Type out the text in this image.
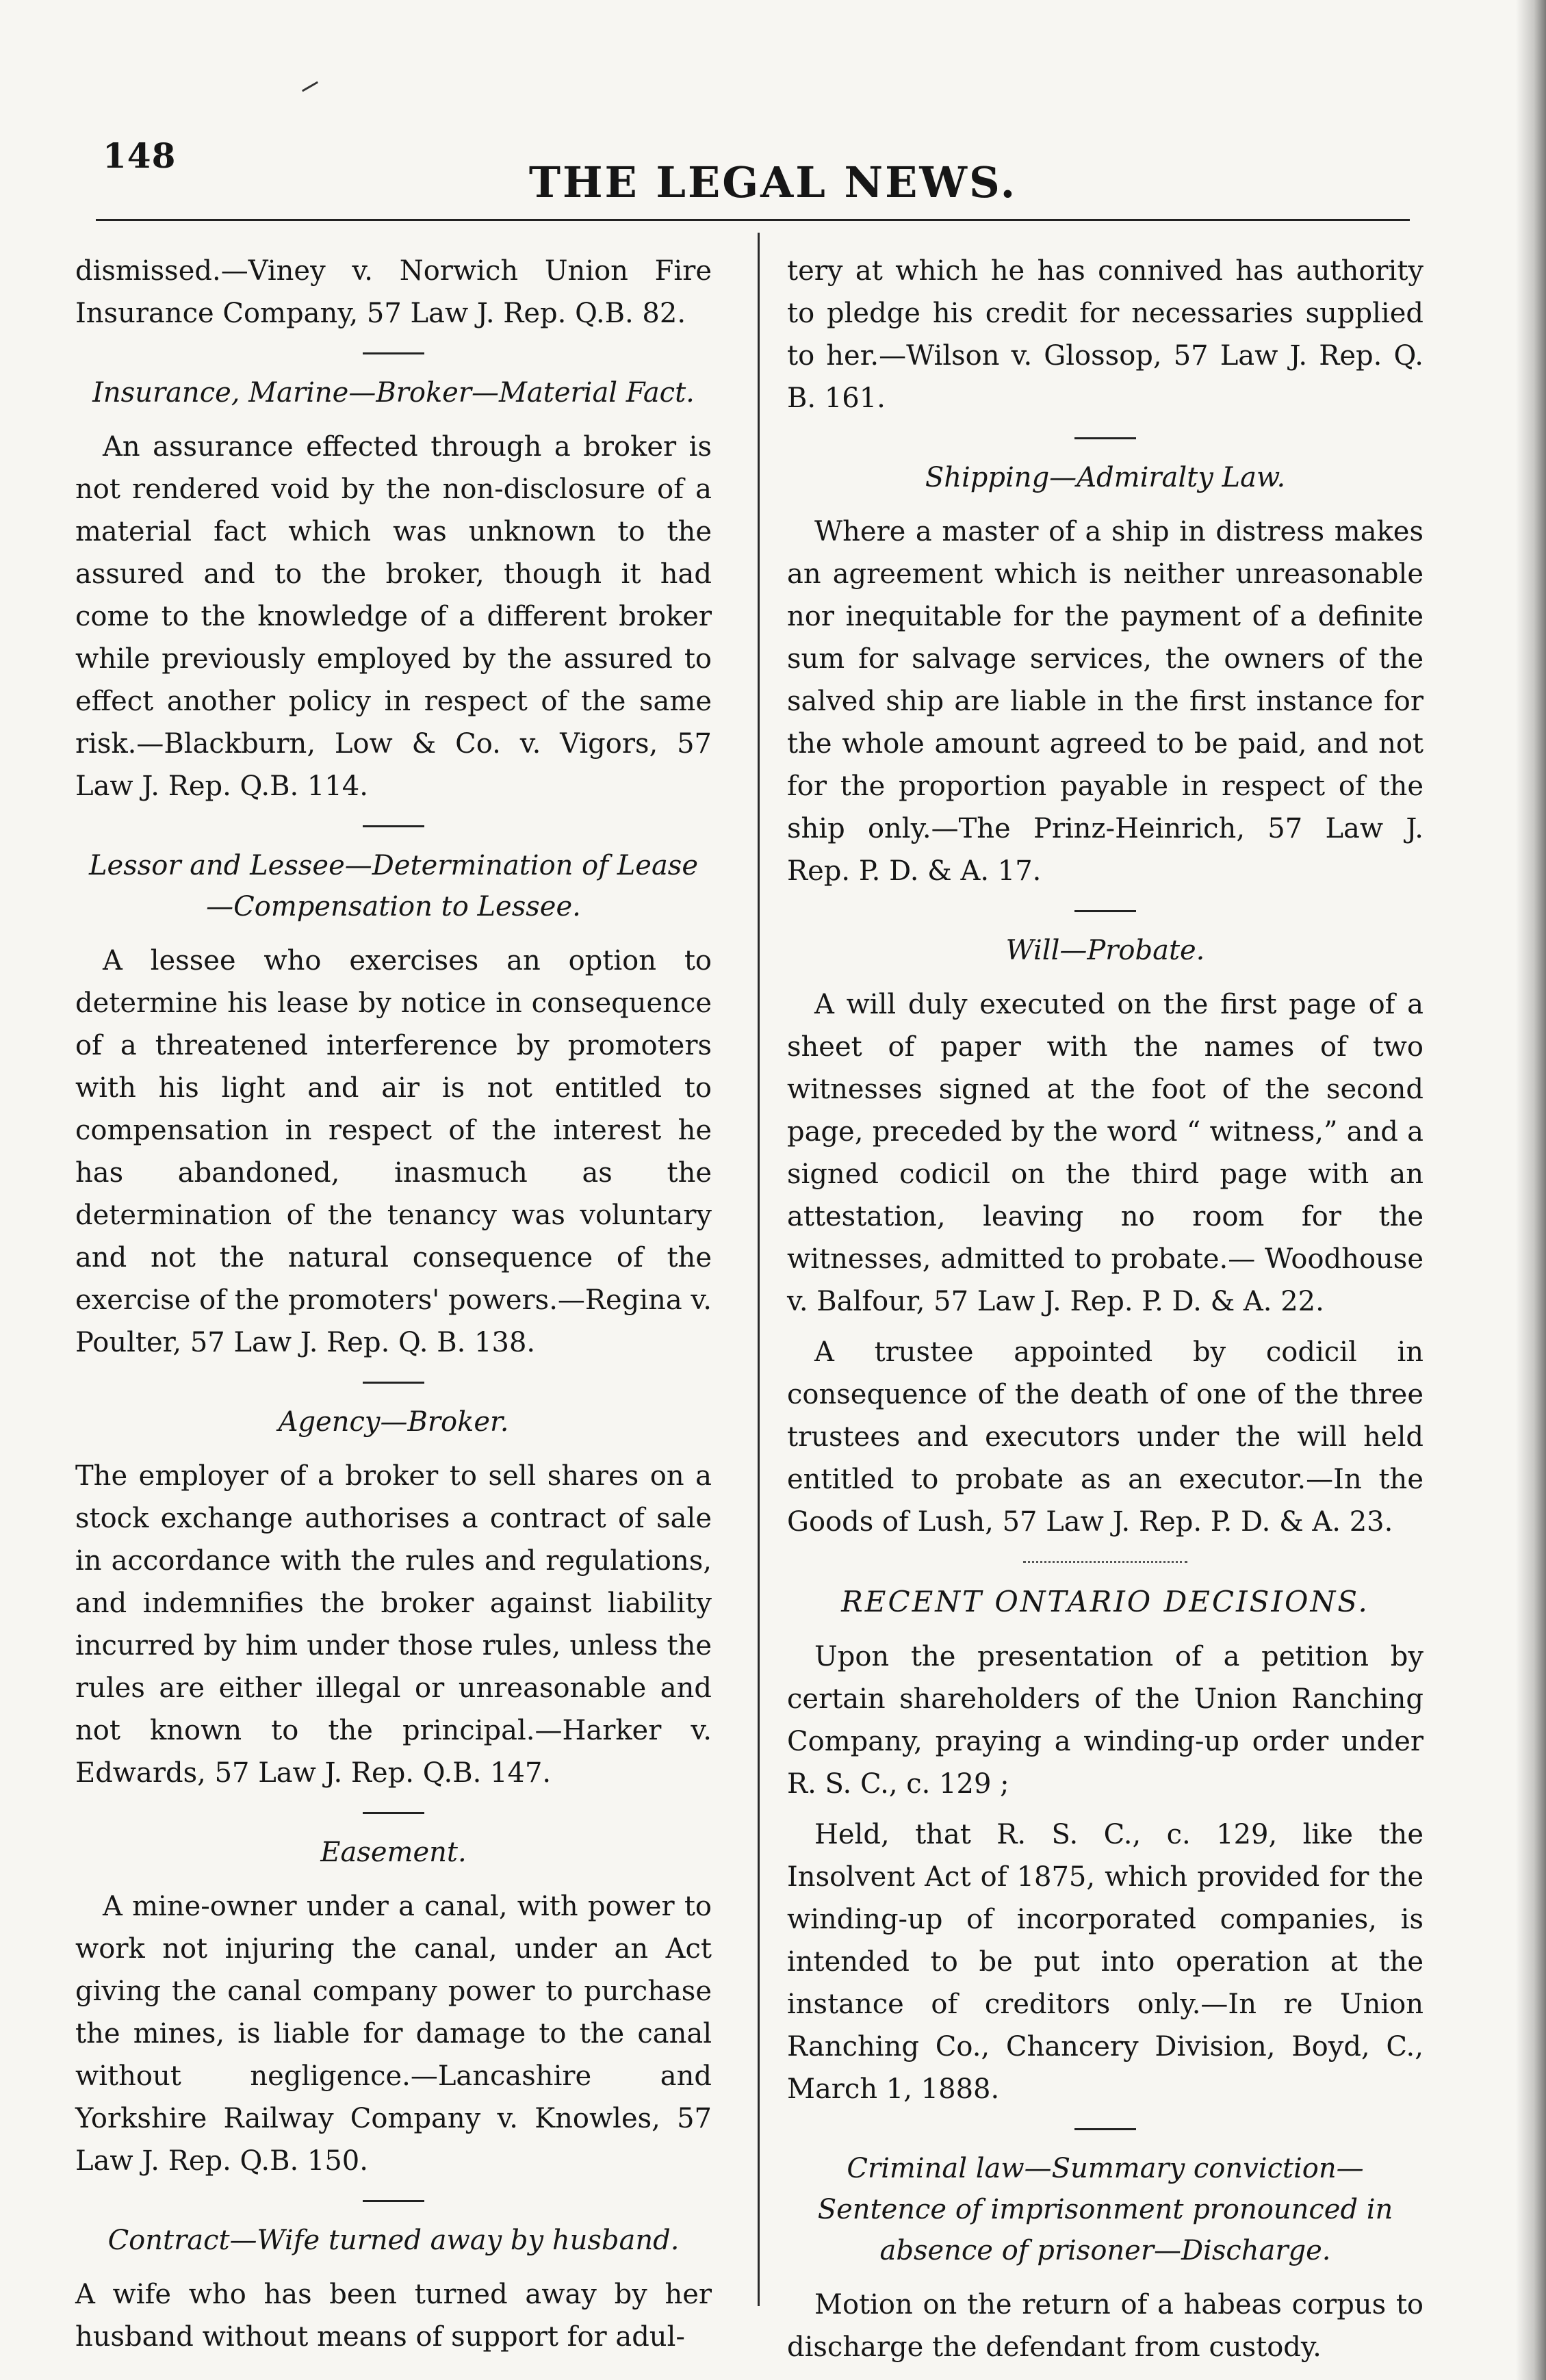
148
THE LEGAL NEWS.

dismissed.—Viney v. Norwich Union Fire Insurance Company, 57 Law J. Rep. Q.B. 82.

Insurance, Marine—Broker—Material Fact.

An assurance effected through a broker is not rendered void by the non-disclosure of a material fact which was unknown to the assured and to the broker, though it had come to the knowledge of a different broker while previously employed by the assured to effect another policy in respect of the same risk.—Blackburn, Low & Co. v. Vigors, 57 Law J. Rep. Q.B. 114.

Lessor and Lessee—Determination of Lease—Compensation to Lessee.

A lessee who exercises an option to determine his lease by notice in consequence of a threatened interference by promoters with his light and air is not entitled to compensation in respect of the interest he has abandoned, inasmuch as the determination of the tenancy was voluntary and not the natural consequence of the exercise of the promoters' powers.—Regina v. Poulter, 57 Law J. Rep. Q. B. 138.

Agency—Broker.

The employer of a broker to sell shares on a stock exchange authorises a contract of sale in accordance with the rules and regulations, and indemnifies the broker against liability incurred by him under those rules, unless the rules are either illegal or unreasonable and not known to the principal.—Harker v. Edwards, 57 Law J. Rep. Q.B. 147.

Easement.

A mine-owner under a canal, with power to work not injuring the canal, under an Act giving the canal company power to purchase the mines, is liable for damage to the canal without negligence.—Lancashire and Yorkshire Railway Company v. Knowles, 57 Law J. Rep. Q.B. 150.

Contract—Wife turned away by husband.

A wife who has been turned away by her husband without means of support for adul-

tery at which he has connived has authority to pledge his credit for necessaries supplied to her.—Wilson v. Glossop, 57 Law J. Rep. Q. B. 161.

Shipping—Admiralty Law.

Where a master of a ship in distress makes an agreement which is neither unreasonable nor inequitable for the payment of a definite sum for salvage services, the owners of the salved ship are liable in the first instance for the whole amount agreed to be paid, and not for the proportion payable in respect of the ship only.—The Prinz-Heinrich, 57 Law J. Rep. P. D. & A. 17.

Will—Probate.

A will duly executed on the first page of a sheet of paper with the names of two witnesses signed at the foot of the second page, preceded by the word “ witness,” and a signed codicil on the third page with an attestation, leaving no room for the witnesses, admitted to probate.— Woodhouse v. Balfour, 57 Law J. Rep. P. D. & A. 22.

A trustee appointed by codicil in consequence of the death of one of the three trustees and executors under the will held entitled to probate as an executor.—In the Goods of Lush, 57 Law J. Rep. P. D. & A. 23.

RECENT ONTARIO DECISIONS.

Upon the presentation of a petition by certain shareholders of the Union Ranching Company, praying a winding-up order under R. S. C., c. 129 ;

Held, that R. S. C., c. 129, like the Insolvent Act of 1875, which provided for the winding-up of incorporated companies, is intended to be put into operation at the instance of creditors only.—In re Union Ranching Co., Chancery Division, Boyd, C., March 1, 1888.

Criminal law—Summary conviction—Sentence of imprisonment pronounced in absence of prisoner—Discharge.

Motion on the return of a habeas corpus to discharge the defendant from custody.
